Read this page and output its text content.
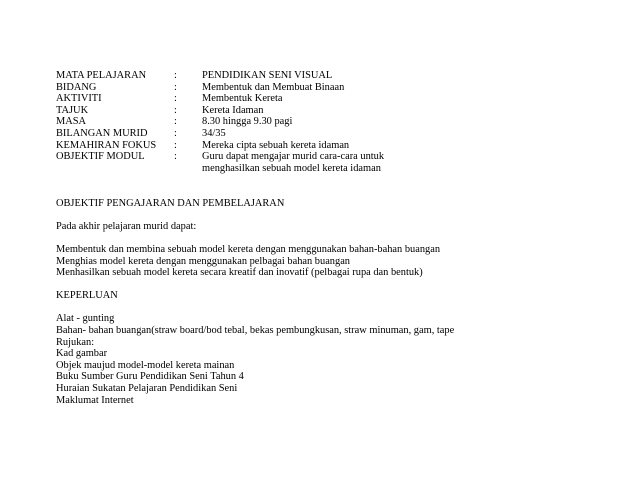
MATA PELAJARAN	: PENDIDIKAN SENI VISUAL
BIDANG	: Membentuk dan Membuat Binaan
AKTIVITI	: Membentuk Kereta
TAJUK	: Kereta Idaman
MASA	: 8.30 hingga 9.30 pagi
BILANGAN MURID	: 34/35
KEMAHIRAN FOKUS : Mereka cipta sebuah kereta idaman
OBJEKTIF MODUL	: Guru dapat mengajar murid cara-cara untuk menghasilkan sebuah model kereta idaman
OBJEKTIF PENGAJARAN DAN PEMBELAJARAN
Pada akhir pelajaran murid dapat:
Membentuk dan membina sebuah model kereta dengan menggunakan bahan-bahan buangan
Menghias model kereta dengan menggunakan pelbagai bahan buangan
Menhasilkan sebuah model kereta secara kreatif dan inovatif (pelbagai rupa dan bentuk)
KEPERLUAN
Alat - gunting
Bahan- bahan buangan(straw board/bod tebal, bekas pembungkusan, straw minuman, gam, tape
Rujukan:
Kad gambar
Objek maujud model-model kereta mainan
Buku Sumber Guru Pendidikan Seni Tahun 4
Huraian Sukatan Pelajaran Pendidikan Seni
Maklumat Internet
